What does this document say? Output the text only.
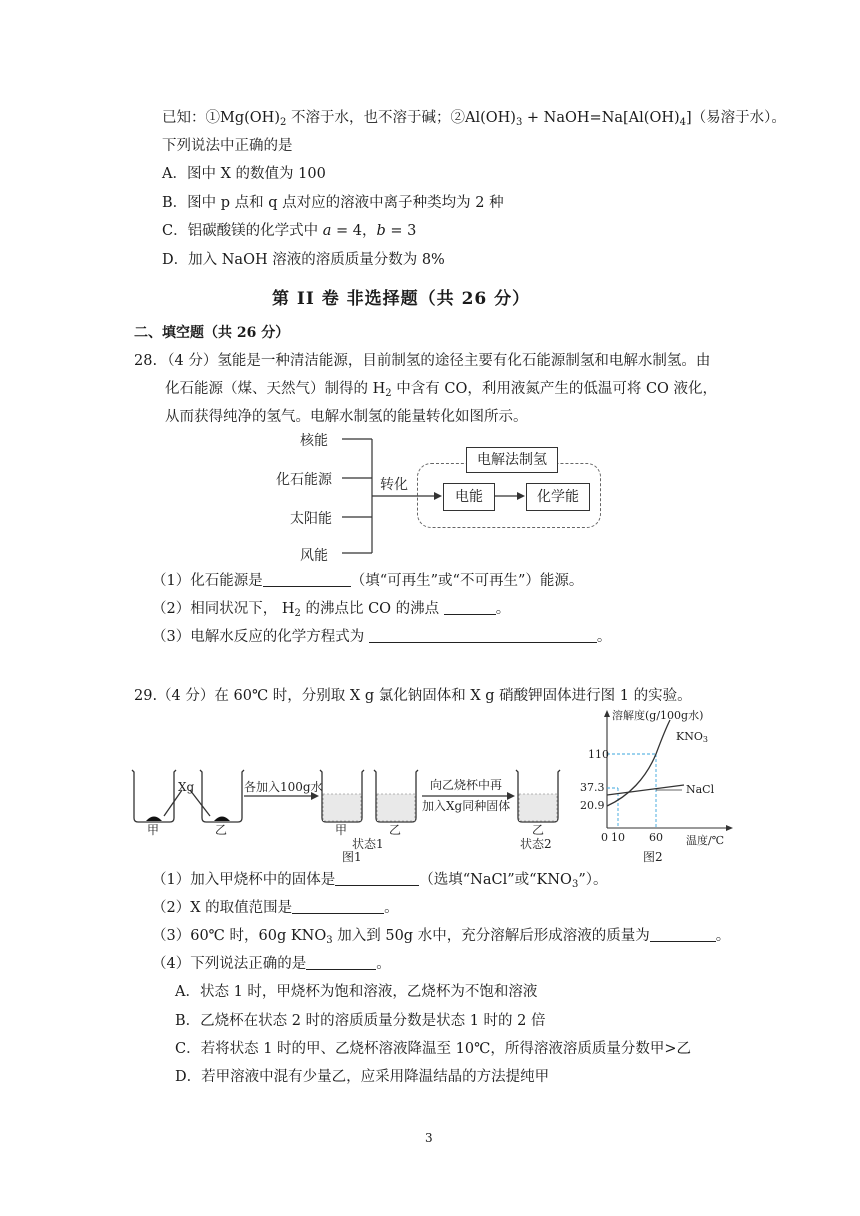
已知：$①Mg(OH)_2$ 不溶于水，也不溶于碱；$②Al(OH)_3$ + $NaOH=Na[Al(OH)_4]$（易溶于水）。
下列说法中正确的是
A．图中 X 的数值为 100
B．图中 p 点和 q 点对应的溶液中离子种类均为 2 种
C．铝碳酸镁的化学式中 a = 4，b = 3
D．加入 NaOH 溶液的溶质质量分数为 8%
第 II 卷 非选择题（共 26 分）
二、填空题（共 26 分）
28. （4 分）氢能是一种清洁能源，目前制氢的途径主要有化石能源制氢和电解水制氢。由
化石能源（煤、天然气）制得的 $H_2$ 中含有 CO，利用液氮产生的低温可将 CO 液化，
从而获得纯净的氢气。电解水制氢的能量转化如图所示。
核能
化石能源
太阳能
风能
转化
电解法制氢
电能	化学能
（1）化石能源是	（填“可再生”或“不可再生”）能源。
（2）相同状况下， $H_2$ 的沸点比 CO 的沸点	。
（3）电解水反应的化学方程式为	。
29.（4 分）在 60℃ 时，分别取 X g 氯化钠固体和 X g 硝酸钾固体进行图 1 的实验。
Xg	各加入100g水	向乙烧杯中再
加入Xg同种固体
甲	乙	甲	乙	乙
状态1	状态2
图1
溶解度(g/100g水)
KNO3
NaCl
110
37.3
20.9
0 10 60 温度/℃
图2
（1）加入甲烧杯中的固体是	（选填“NaCl”或“$KNO_3$”）。
（2）X 的取值范围是	。
（3）60℃ 时，60g $KNO_3$ 加入到 50g 水中，充分溶解后形成溶液的质量为	。
（4）下列说法正确的是	。
A．状态 1 时，甲烧杯为饱和溶液，乙烧杯为不饱和溶液
B．乙烧杯在状态 2 时的溶质质量分数是状态 1 时的 2 倍
C．若将状态 1 时的甲、乙烧杯溶液降温至 10℃，所得溶液溶质质量分数甲>乙
D．若甲溶液中混有少量乙，应采用降温结晶的方法提纯甲
3
